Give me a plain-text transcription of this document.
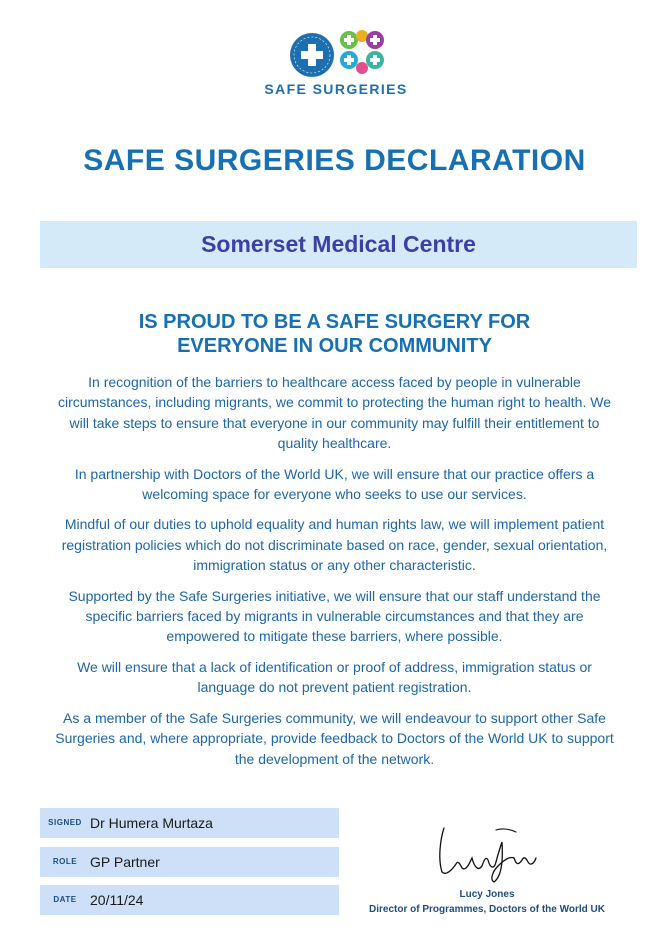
SAFE SURGERIES
SAFE SURGERIES DECLARATION
Somerset Medical Centre
IS PROUD TO BE A SAFE SURGERY FOR
EVERYONE IN OUR COMMUNITY

In recognition of the barriers to healthcare access faced by people in vulnerable circumstances, including migrants, we commit to protecting the human right to health. We will take steps to ensure that everyone in our community may fulfill their entitlement to quality healthcare.

In partnership with Doctors of the World UK, we will ensure that our practice offers a welcoming space for everyone who seeks to use our services.

Mindful of our duties to uphold equality and human rights law, we will implement patient registration policies which do not discriminate based on race, gender, sexual orientation, immigration status or any other characteristic.

Supported by the Safe Surgeries initiative, we will ensure that our staff understand the specific barriers faced by migrants in vulnerable circumstances and that they are empowered to mitigate these barriers, where possible.

We will ensure that a lack of identification or proof of address, immigration status or language do not prevent patient registration.

As a member of the Safe Surgeries community, we will endeavour to support other Safe Surgeries and, where appropriate, provide feedback to Doctors of the World UK to support the development of the network.

SIGNED Dr Humera Murtaza
ROLE GP Partner
DATE 20/11/24	Lucy Jones
Director of Programmes, Doctors of the World UK
